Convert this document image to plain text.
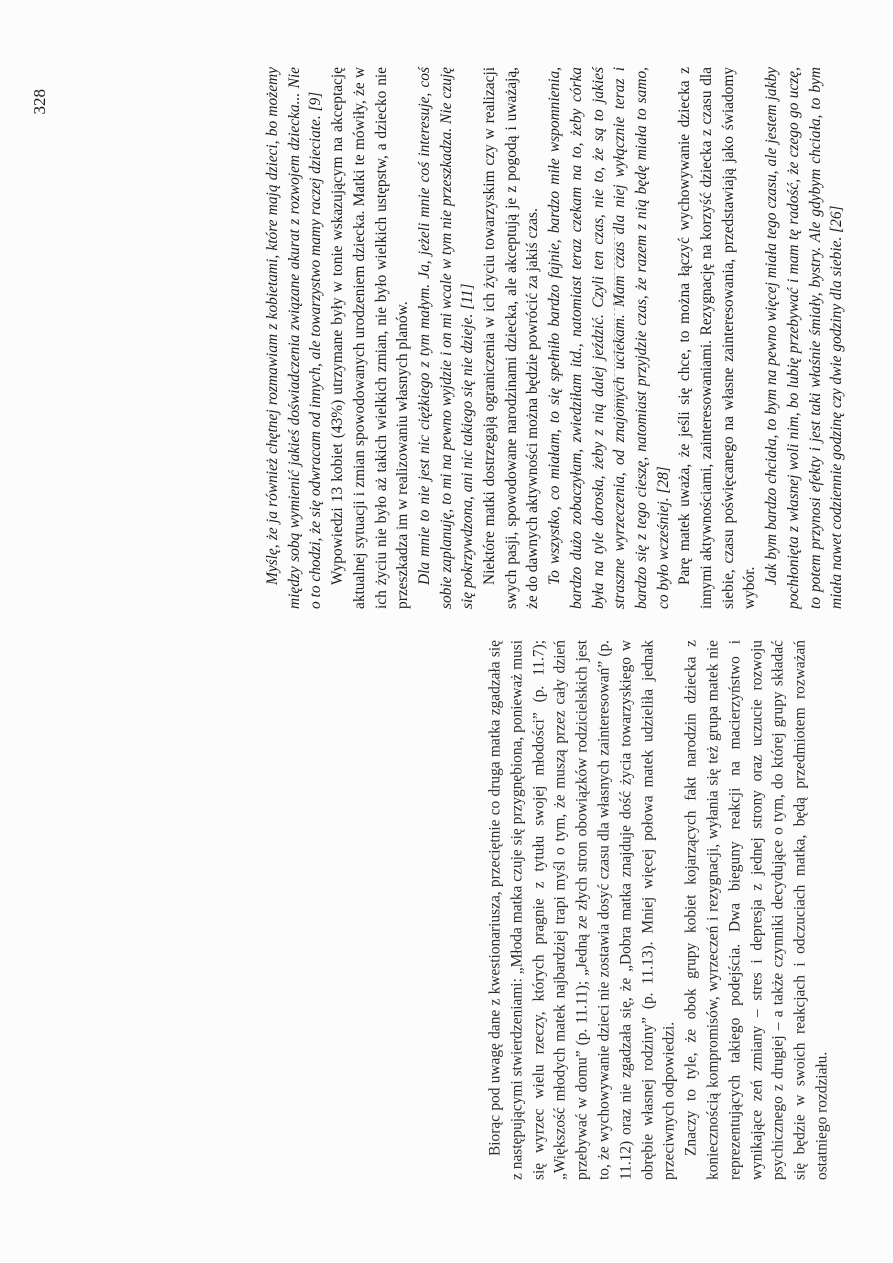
328	Myślę, że ja również chętnej rozmawiam z kobietami, które mają dzieci, bo możemy między sobą wymienić jakieś doświadczenia związane akurat z rozwojem dziecka... Nie o to chodzi, że się odwracam od innych, ale towarzystwo mamy raczej dzieciate. [9] Wypowiedzi 13 kobiet (43%) utrzymane były w tonie wskazującym na akceptację aktualnej sytuacji i zmian spowodowanych urodzeniem dziecka. Matki te mówiły, że w ich życiu nie było aż takich wielkich zmian, nie było wielkich ustępstw, a dziecko nie przeszkadza im w realizowaniu własnych planów. Dla mnie to nie jest nic ciężkiego z tym małym. Ja, jeżeli mnie coś interesuje, coś sobie zaplanuję, to mi na pewno wyjdzie i on mi wcale w tym nie przeszkadza. Nie czuję się pokrzywdzona, ani nic takiego się nie dzieje. [11] Niektóre matki dostrzegają ograniczenia w ich życiu towarzyskim czy w realizacji swych pasji, spowodowane narodzinami dziecka, ale akceptują je z pogodą i uważają, że do dawnych aktywności można będzie powrócić za jakiś czas. To wszystko, co miałam, to się spełniło bardzo fajnie, bardzo miłe wspomnienia, bardzo dużo zobaczyłam, zwiedziłam itd., natomiast teraz czekam na to, żeby córka była na tyle dorosła, żeby z nią dalej jeździć. Czyli ten czas, nie to, że są to jakieś straszne wyrzeczenia, od znajomych uciekam. Mam czas dla niej wyłącznie teraz i bardzo się z tego cieszę, natomiast przyjdzie czas, że razem z nią będę miała to samo, co było wcześniej. [28] Parę matek uważa, że jeśli się chce, to można łączyć wychowywanie dziecka z innymi aktywnościami, zainteresowaniami. Rezygnację na korzyść dziecka z czasu dla siebie, czasu poświęcanego na własne zainteresowania, przedstawiają jako świadomy wybór.

Jak bym bardzo chciała, to bym na pewno więcej miała tego czasu, ale jestem jakby pochłonięta z własnej woli nim, bo lubię przebywać i mam tę radość, że czego go uczę, to potem przynosi efekty i jest taki właśnie śmiały, bystry. Ale gdybym chciała, to bym miała nawet codziennie godzinę czy dwie godziny dla siebie. [26]

Biorąc pod uwagę dane z kwestionariusza, przeciętnie co druga matka zgadzała się z następującymi stwierdzeniami: „Młoda matka czuje się przygnębiona, ponieważ musi się wyrzec wielu rzeczy, których pragnie z tytułu swojej młodości” (p. 11.7); „Większość młodych matek najbardziej trapi myśl o tym, że muszą przez cały dzień przebywać w domu” (p. 11.11); „Jedną ze złych stron obowiązków rodzicielskich jest to, że wychowywanie dzieci nie zostawia dosyć czasu dla własnych zainteresowań” (p. 11.12) oraz nie zgadzała się, że „Dobra matka znajduje dość życia towarzyskiego w obrębie własnej rodziny” (p. 11.13). Mniej więcej połowa matek udzieliła jednak przeciwnych odpowiedzi. Znaczy to tyle, że obok grupy kobiet kojarzących fakt narodzin dziecka z koniecznością kompromisów, wyrzeczeń i rezygnacji, wyłania się też grupa matek nie reprezentujących takiego podejścia. Dwa bieguny reakcji na macierzyństwo i wynikające zeń zmiany – stres i depresja z jednej strony oraz uczucie rozwoju psychicznego z drugiej – a także czynniki decydujące o tym, do której grupy składać się będzie w swoich reakcjach i odczuciach matka, będą przedmiotem rozważań ostatniego rozdziału.
